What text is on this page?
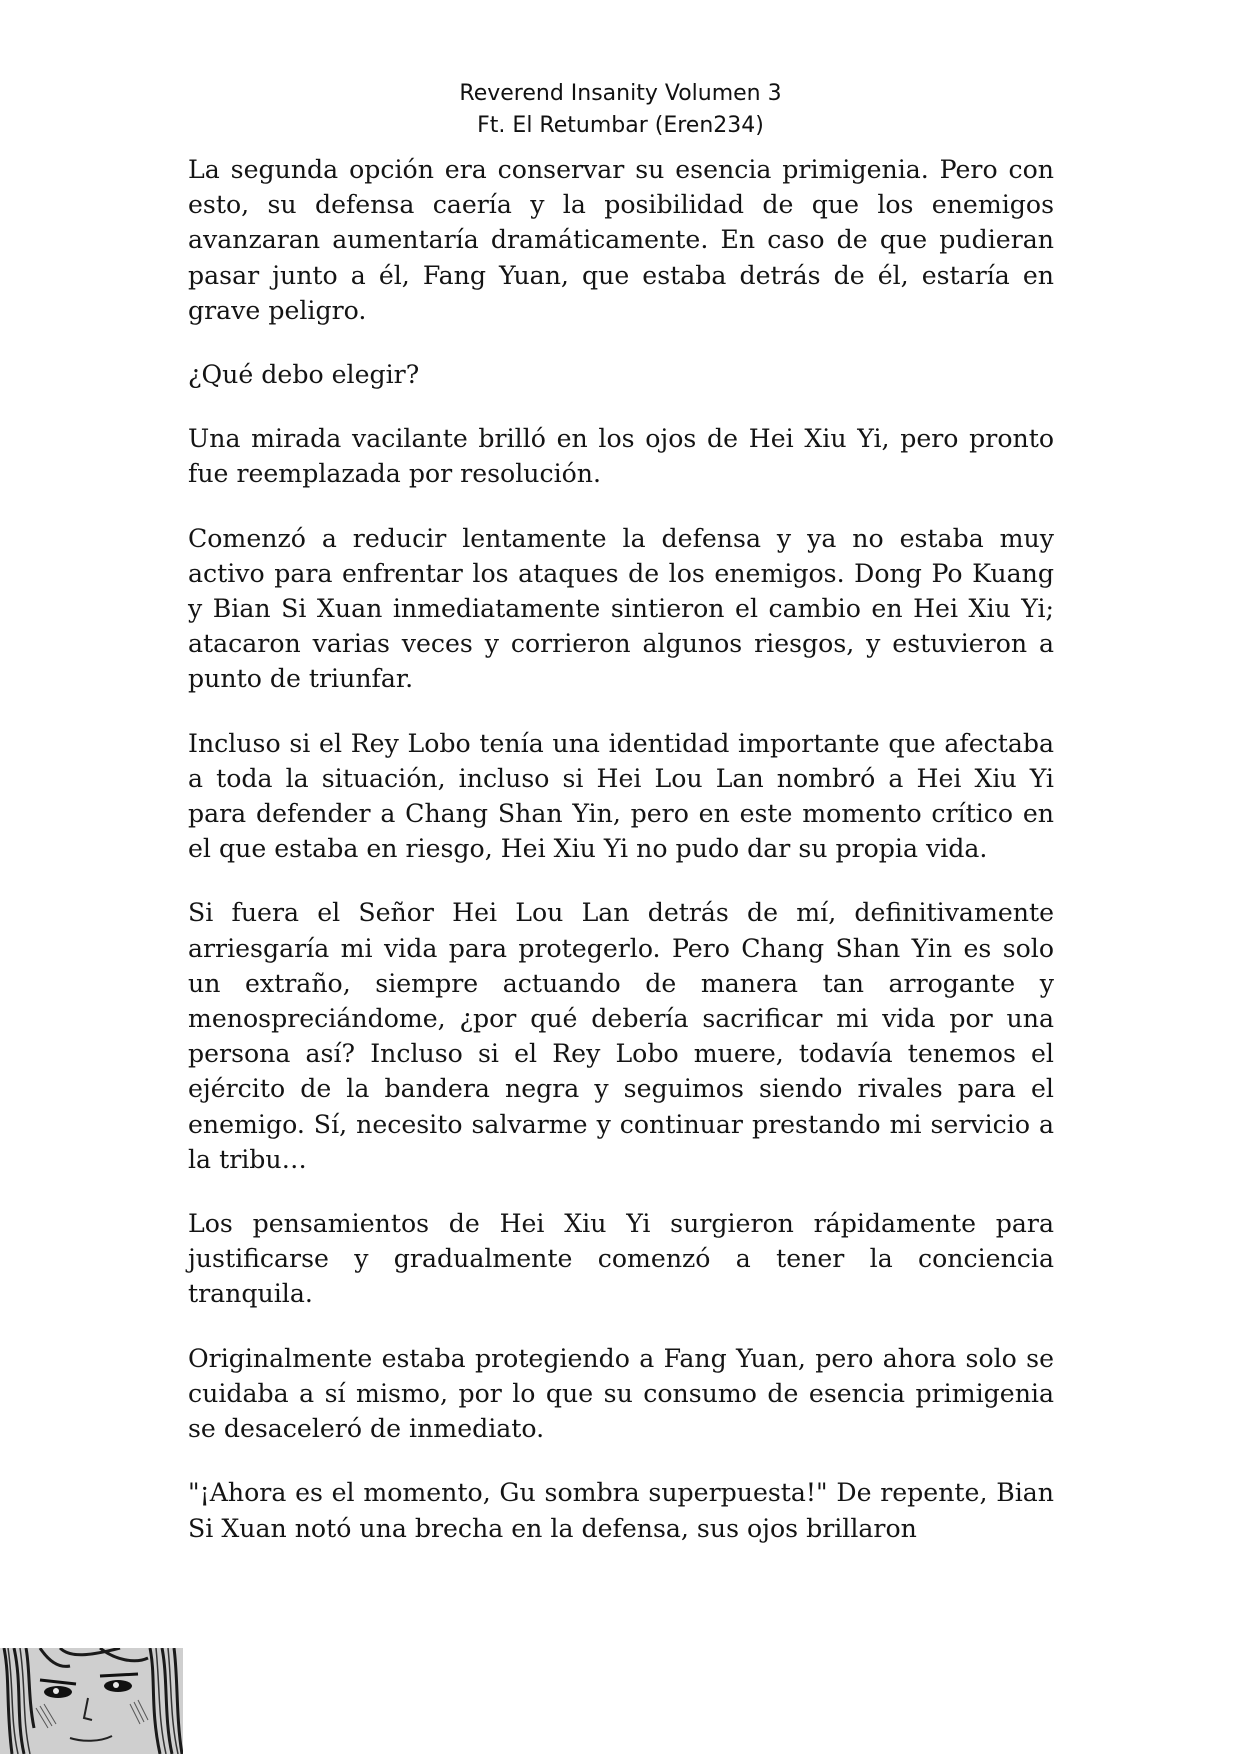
Reverend Insanity Volumen 3
Ft. El Retumbar (Eren234)

La segunda opción era conservar su esencia primigenia. Pero con esto, su defensa caería y la posibilidad de que los enemigos avanzaran aumentaría dramáticamente. En caso de que pudieran pasar junto a él, Fang Yuan, que estaba detrás de él, estaría en grave peligro.

¿Qué debo elegir?

Una mirada vacilante brilló en los ojos de Hei Xiu Yi, pero pronto fue reemplazada por resolución.

Comenzó a reducir lentamente la defensa y ya no estaba muy activo para enfrentar los ataques de los enemigos. Dong Po Kuang y Bian Si Xuan inmediatamente sintieron el cambio en Hei Xiu Yi; atacaron varias veces y corrieron algunos riesgos, y estuvieron a punto de triunfar.

Incluso si el Rey Lobo tenía una identidad importante que afectaba a toda la situación, incluso si Hei Lou Lan nombró a Hei Xiu Yi para defender a Chang Shan Yin, pero en este momento crítico en el que estaba en riesgo, Hei Xiu Yi no pudo dar su propia vida.

Si fuera el Señor Hei Lou Lan detrás de mí, definitivamente arriesgaría mi vida para protegerlo. Pero Chang Shan Yin es solo un extraño, siempre actuando de manera tan arrogante y menospreciándome, ¿por qué debería sacrificar mi vida por una persona así? Incluso si el Rey Lobo muere, todavía tenemos el ejército de la bandera negra y seguimos siendo rivales para el enemigo. Sí, necesito salvarme y continuar prestando mi servicio a la tribu…

Los pensamientos de Hei Xiu Yi surgieron rápidamente para justificarse y gradualmente comenzó a tener la conciencia tranquila.

Originalmente estaba protegiendo a Fang Yuan, pero ahora solo se cuidaba a sí mismo, por lo que su consumo de esencia primigenia se desaceleró de inmediato.

"¡Ahora es el momento, Gu sombra superpuesta!" De repente, Bian Si Xuan notó una brecha en la defensa, sus ojos brillaron
